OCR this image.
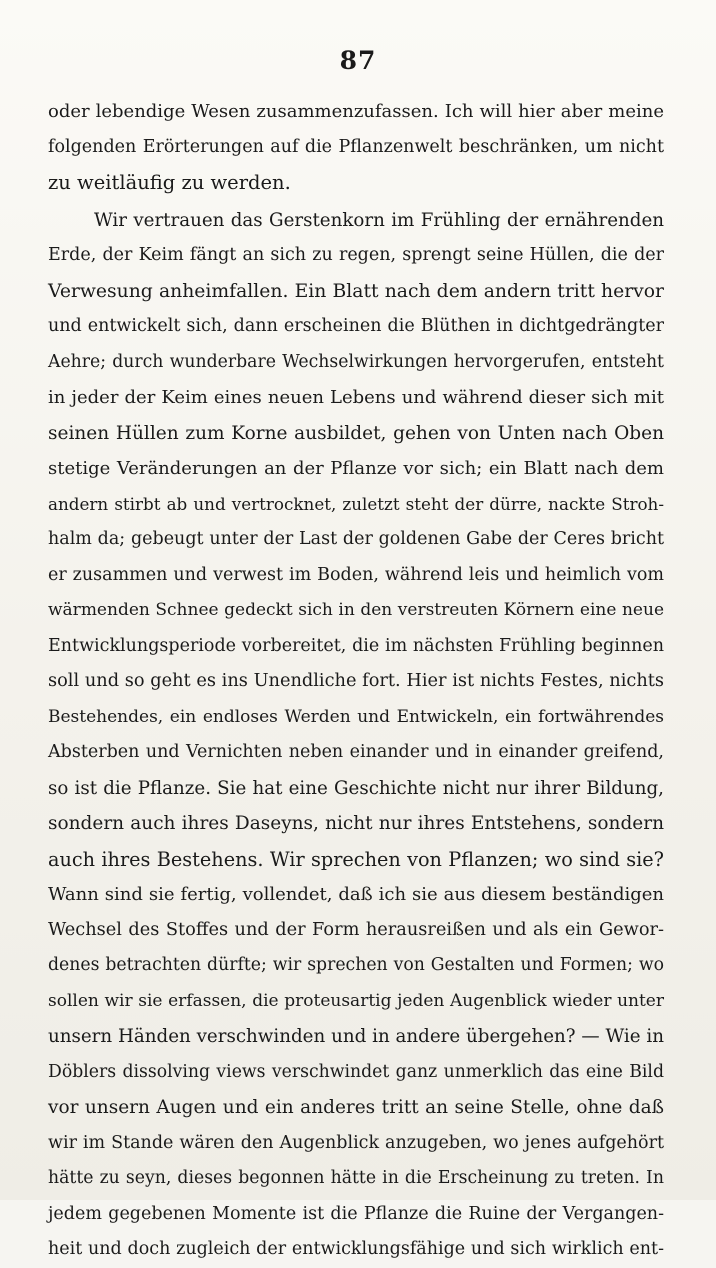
87
oder lebendige Wesen zusammenzufassen. Ich will hier aber meine
folgenden Erörterungen auf die Pflanzenwelt beschränken, um nicht
zu weitläufig zu werden.
Wir vertrauen das Gerstenkorn im Frühling der ernährenden
Erde, der Keim fängt an sich zu regen, sprengt seine Hüllen, die der
Verwesung anheimfallen. Ein Blatt nach dem andern tritt hervor
und entwickelt sich, dann erscheinen die Blüthen in dichtgedrängter
Aehre; durch wunderbare Wechselwirkungen hervorgerufen, entsteht
in jeder der Keim eines neuen Lebens und während dieser sich mit
seinen Hüllen zum Korne ausbildet, gehen von Unten nach Oben
stetige Veränderungen an der Pflanze vor sich; ein Blatt nach dem
andern stirbt ab und vertrocknet, zuletzt steht der dürre, nackte Stroh-
halm da; gebeugt unter der Last der goldenen Gabe der Ceres bricht
er zusammen und verwest im Boden, während leis und heimlich vom
wärmenden Schnee gedeckt sich in den verstreuten Körnern eine neue
Entwicklungsperiode vorbereitet, die im nächsten Frühling beginnen
soll und so geht es ins Unendliche fort. Hier ist nichts Festes, nichts
Bestehendes, ein endloses Werden und Entwickeln, ein fortwährendes
Absterben und Vernichten neben einander und in einander greifend,
so ist die Pflanze. Sie hat eine Geschichte nicht nur ihrer Bildung,
sondern auch ihres Daseyns, nicht nur ihres Entstehens, sondern
auch ihres Bestehens. Wir sprechen von Pflanzen; wo sind sie?
Wann sind sie fertig, vollendet, daß ich sie aus diesem beständigen
Wechsel des Stoffes und der Form herausreißen und als ein Gewor-
denes betrachten dürfte; wir sprechen von Gestalten und Formen; wo
sollen wir sie erfassen, die proteusartig jeden Augenblick wieder unter
unsern Händen verschwinden und in andere übergehen? — Wie in
Döblers dissolving views verschwindet ganz unmerklich das eine Bild
vor unsern Augen und ein anderes tritt an seine Stelle, ohne daß
wir im Stande wären den Augenblick anzugeben, wo jenes aufgehört
hätte zu seyn, dieses begonnen hätte in die Erscheinung zu treten. In
jedem gegebenen Momente ist die Pflanze die Ruine der Vergangen-
heit und doch zugleich der entwicklungsfähige und sich wirklich ent-
